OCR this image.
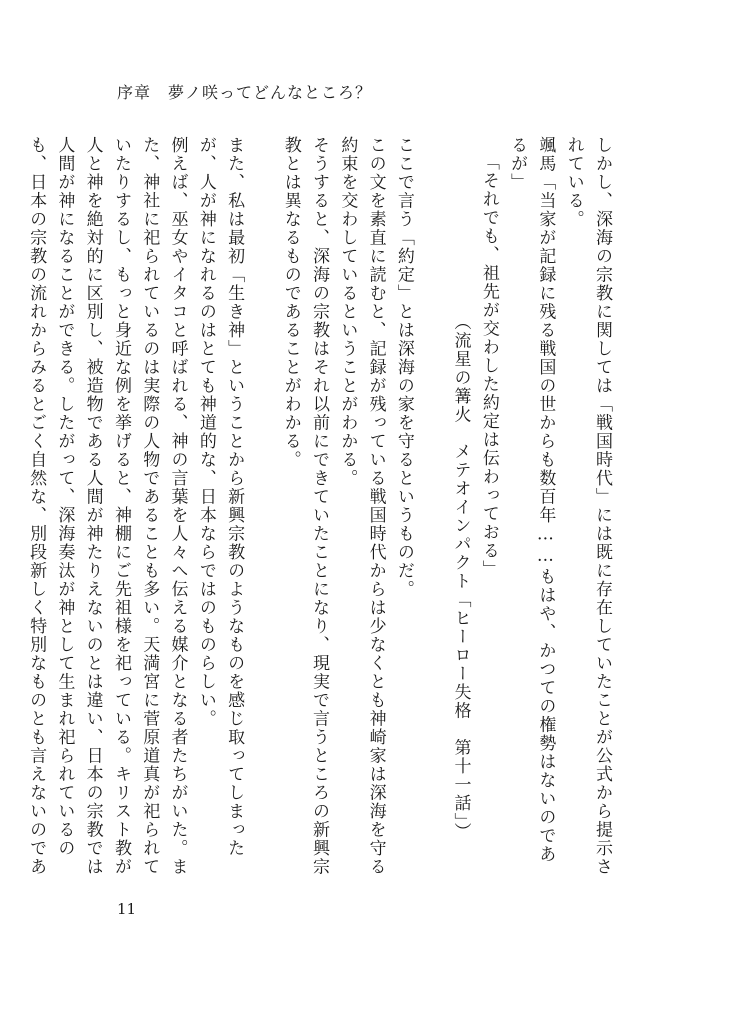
序章　夢ノ咲ってどんなところ？

しかし、深海の宗教に関しては「戦国時代」には既に存在していたことが公式から提示されている。

颯馬「当家が記録に残る戦国の世からも数百年……もはや、かつての権勢はないのであるが」

「それでも、祖先が交わした約定は伝わっておる」

（流星の篝火　メテオインパクト「ヒーロー失格　第十一話」）

ここで言う「約定」とは深海の家を守るというものだ。

この文を素直に読むと、記録が残っている戦国時代からは少なくとも神崎家は深海を守る約束を交わしているということがわかる。

そうすると、深海の宗教はそれ以前にできていたことになり、現実で言うところの新興宗教とは異なるものであることがわかる。

また、私は最初「生き神」ということから新興宗教のようなものを感じ取ってしまったが、人が神になれるのはとても神道的な、日本ならではのものらしい。

例えば、巫女やイタコと呼ばれる、神の言葉を人々へ伝える媒介となる者たちがいた。また、神社に祀られているのは実際の人物であることも多い。天満宮に菅原道真が祀られていたりするし、もっと身近な例を挙げると、神棚にご先祖様を祀っている。キリスト教が人と神を絶対的に区別し、被造物である人間が神たりえないのとは違い、日本の宗教では人間が神になることができる。したがって、深海奏汰が神として生まれ祀られているのも、日本の宗教の流れからみるとごく自然な、別段新しく特別なものとも言えないのであ

11
